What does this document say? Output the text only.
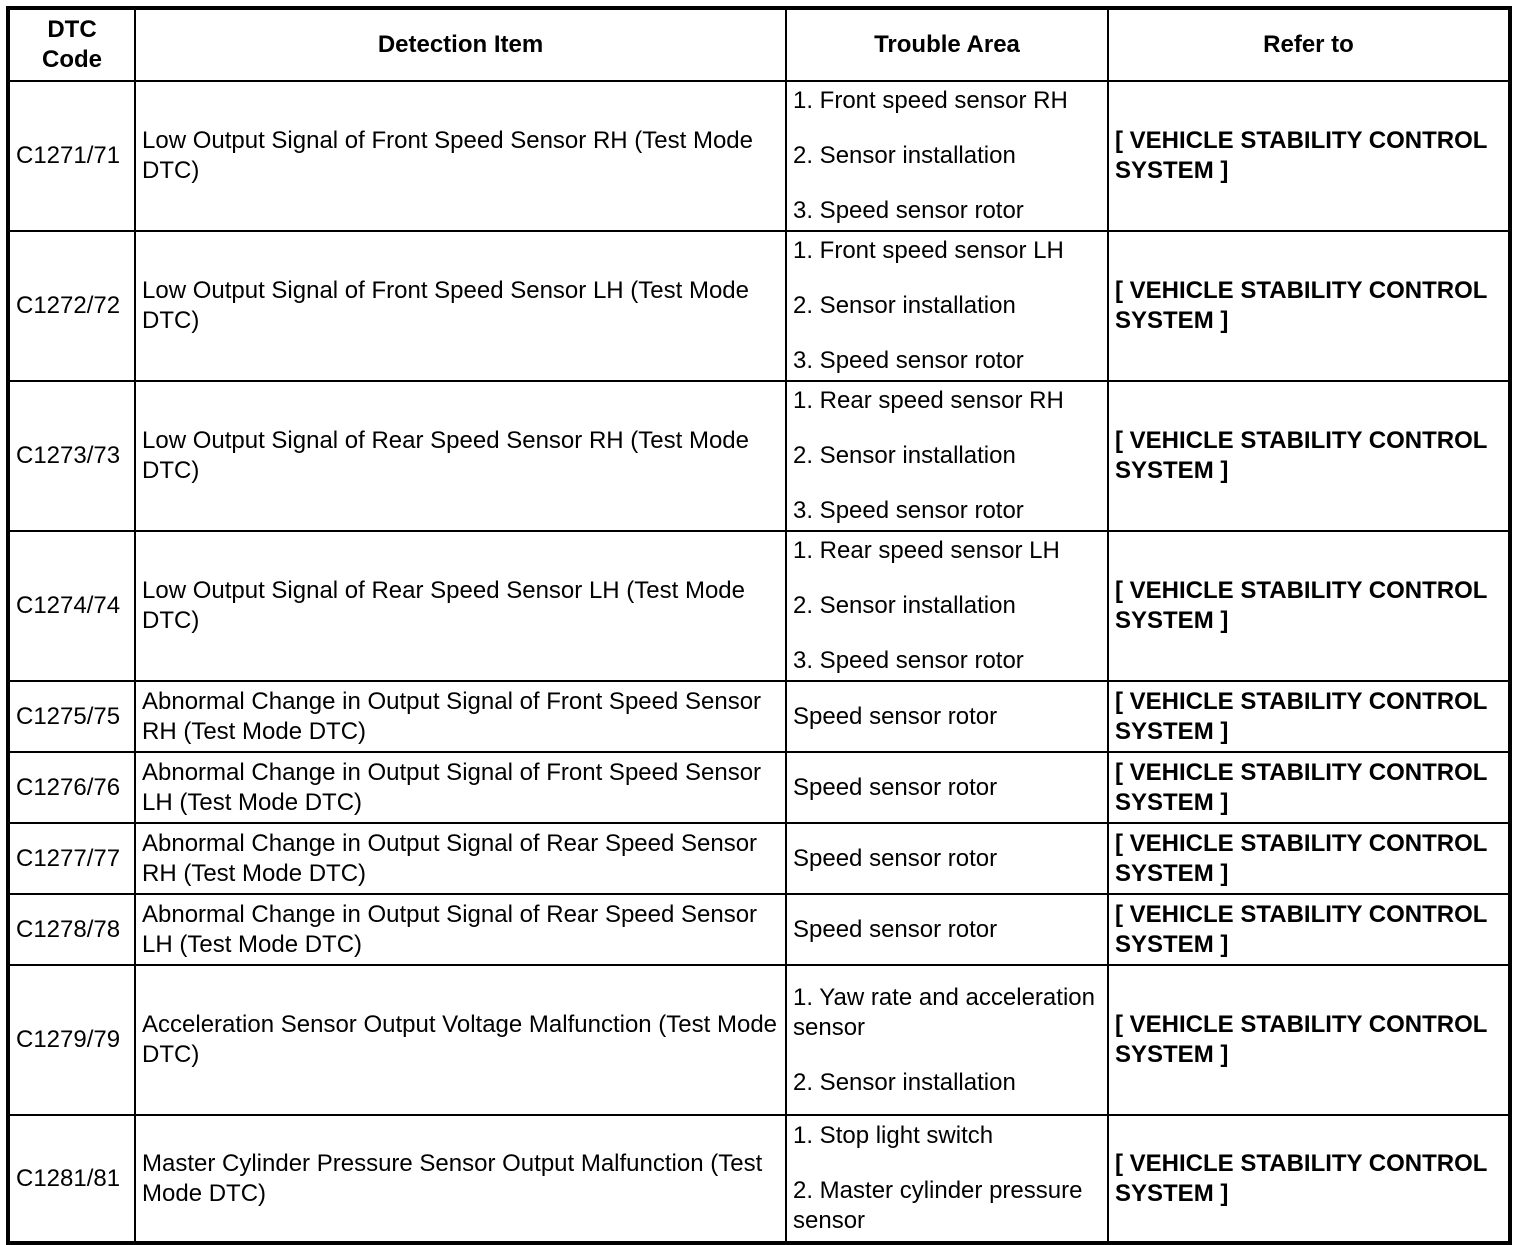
DTC Code	Detection Item	Trouble Area	Refer to
C1271/71	Low Output Signal of Front Speed Sensor RH (Test Mode DTC)	1. Front speed sensor RH
2. Sensor installation
3. Speed sensor rotor	[ VEHICLE STABILITY CONTROL SYSTEM ]
C1272/72	Low Output Signal of Front Speed Sensor LH (Test Mode DTC)	1. Front speed sensor LH
2. Sensor installation
3. Speed sensor rotor	[ VEHICLE STABILITY CONTROL SYSTEM ]
C1273/73	Low Output Signal of Rear Speed Sensor RH (Test Mode DTC)	1. Rear speed sensor RH
2. Sensor installation
3. Speed sensor rotor	[ VEHICLE STABILITY CONTROL SYSTEM ]
C1274/74	Low Output Signal of Rear Speed Sensor LH (Test Mode DTC)	1. Rear speed sensor LH
2. Sensor installation
3. Speed sensor rotor	[ VEHICLE STABILITY CONTROL SYSTEM ]
C1275/75	Abnormal Change in Output Signal of Front Speed Sensor RH (Test Mode DTC)	Speed sensor rotor	[ VEHICLE STABILITY CONTROL SYSTEM ]
C1276/76	Abnormal Change in Output Signal of Front Speed Sensor LH (Test Mode DTC)	Speed sensor rotor	[ VEHICLE STABILITY CONTROL SYSTEM ]
C1277/77	Abnormal Change in Output Signal of Rear Speed Sensor RH (Test Mode DTC)	Speed sensor rotor	[ VEHICLE STABILITY CONTROL SYSTEM ]
C1278/78	Abnormal Change in Output Signal of Rear Speed Sensor LH (Test Mode DTC)	Speed sensor rotor	[ VEHICLE STABILITY CONTROL SYSTEM ]
C1279/79	Acceleration Sensor Output Voltage Malfunction (Test Mode DTC)	1. Yaw rate and acceleration sensor
2. Sensor installation	[ VEHICLE STABILITY CONTROL SYSTEM ]
C1281/81	Master Cylinder Pressure Sensor Output Malfunction (Test Mode DTC)	1. Stop light switch
2. Master cylinder pressure sensor	[ VEHICLE STABILITY CONTROL SYSTEM ]
